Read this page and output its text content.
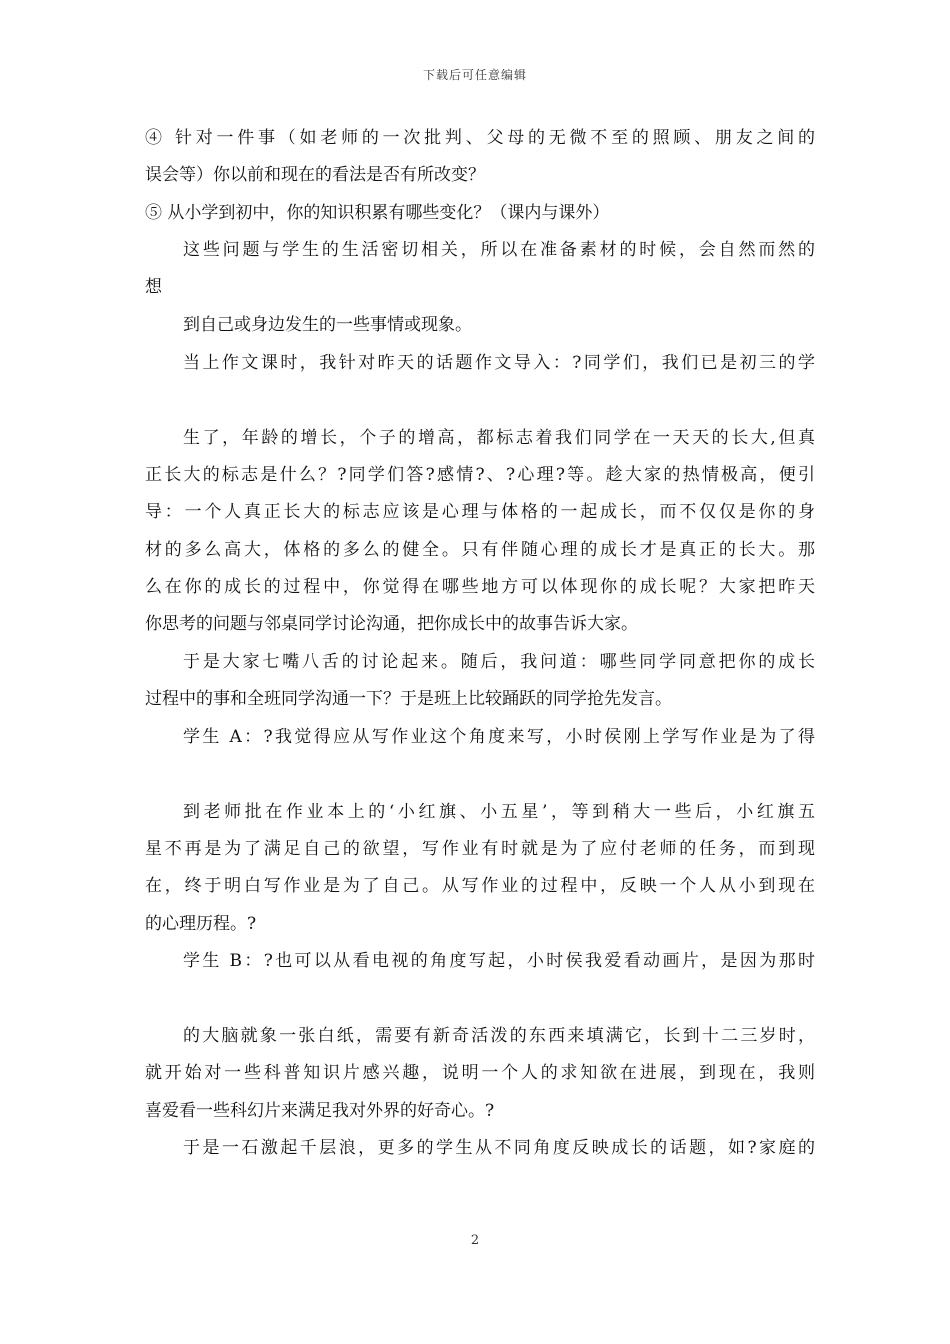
下载后可任意编辑
④ 针对一件事（如老师的一次批判、父母的无微不至的照顾、朋友之间的
误会等）你以前和现在的看法是否有所改变？
⑤ 从小学到初中，你的知识积累有哪些变化？（课内与课外）
这些问题与学生的生活密切相关，所以在准备素材的时候，会自然而然的
想
到自己或身边发生的一些事情或现象。
当上作文课时，我针对昨天的话题作文导入：?同学们，我们已是初三的学
生了，年龄的增长，个子的增高，都标志着我们同学在一天天的长大,但真
正长大的标志是什么？?同学们答?感情?、?心理?等。趁大家的热情极高，便引
导：一个人真正长大的标志应该是心理与体格的一起成长，而不仅仅是你的身
材的多么高大，体格的多么的健全。只有伴随心理的成长才是真正的长大。那
么在你的成长的过程中，你觉得在哪些地方可以体现你的成长呢？大家把昨天
你思考的问题与邻桌同学讨论沟通，把你成长中的故事告诉大家。
于是大家七嘴八舌的讨论起来。随后，我问道：哪些同学同意把你的成长
过程中的事和全班同学沟通一下？于是班上比较踊跃的同学抢先发言。
学生 A：?我觉得应从写作业这个角度来写，小时侯刚上学写作业是为了得
到老师批在作业本上的‘小红旗、小五星’，等到稍大一些后，小红旗五
星不再是为了满足自己的欲望，写作业有时就是为了应付老师的任务，而到现
在，终于明白写作业是为了自己。从写作业的过程中，反映一个人从小到现在
的心理历程。?
学生 B：?也可以从看电视的角度写起，小时侯我爱看动画片，是因为那时
的大脑就象一张白纸，需要有新奇活泼的东西来填满它，长到十二三岁时，
就开始对一些科普知识片感兴趣，说明一个人的求知欲在进展，到现在，我则
喜爱看一些科幻片来满足我对外界的好奇心。?
于是一石激起千层浪，更多的学生从不同角度反映成长的话题，如?家庭的
2
